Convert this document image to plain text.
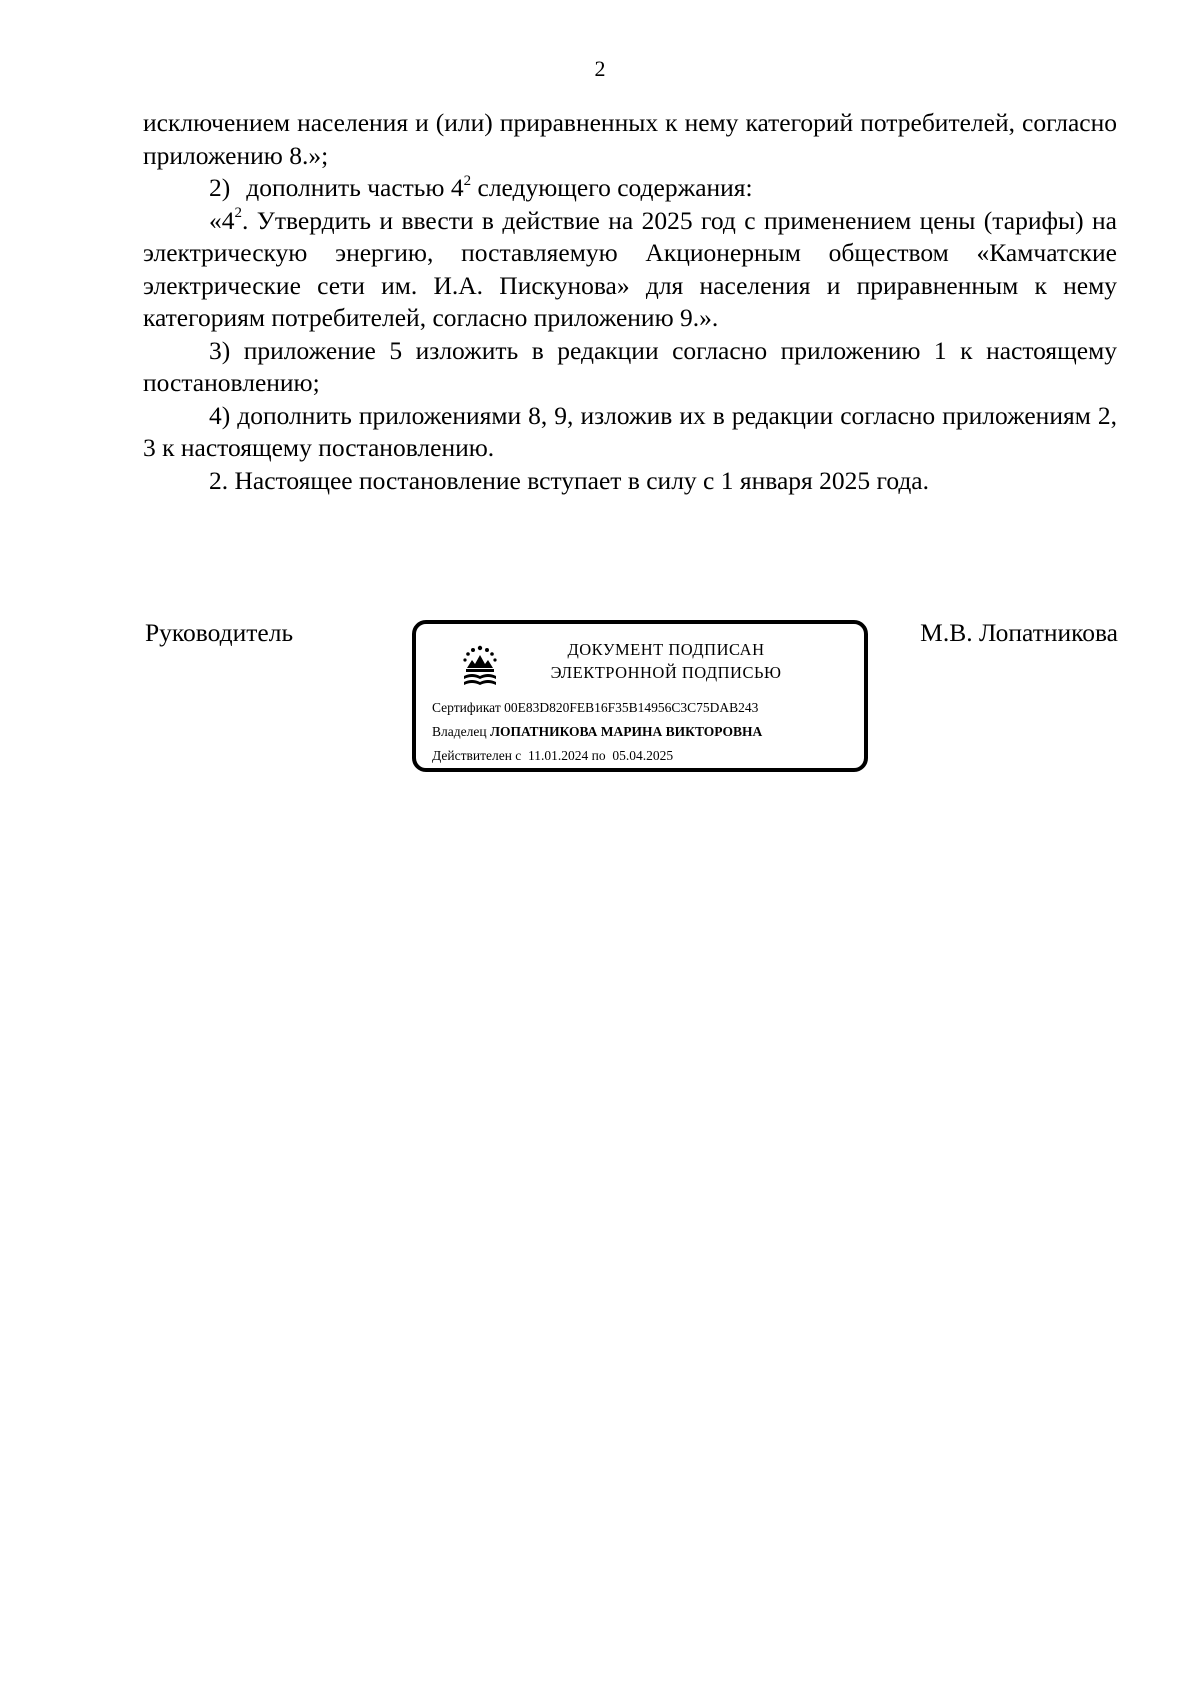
2

исключением населения и (или) приравненных к нему категорий потребителей, согласно приложению 8.»;

2) дополнить частью $4^2$ следующего содержания:

«$4^2$. Утвердить и ввести в действие на 2025 год с применением цены (тарифы) на электрическую энергию, поставляемую Акционерным обществом «Камчатские электрические сети им. И.А. Пискунова» для населения и приравненным к нему категориям потребителей, согласно приложению 9.».

3) приложение 5 изложить в редакции согласно приложению 1 к настоящему постановлению;

4) дополнить приложениями 8, 9, изложив их в редакции согласно приложениям 2, 3 к настоящему постановлению.

2. Настоящее постановление вступает в силу с 1 января 2025 года.

Руководитель	М.В. Лопатникова
ДОКУМЕНТ ПОДПИСАН
ЭЛЕКТРОННОЙ ПОДПИСЬЮ
Сертификат 00E83D820FEB16F35B14956C3C75DAB243
Владелец ЛОПАТНИКОВА МАРИНА ВИКТОРОВНА
Действителен с 11.01.2024 по 05.04.2025
